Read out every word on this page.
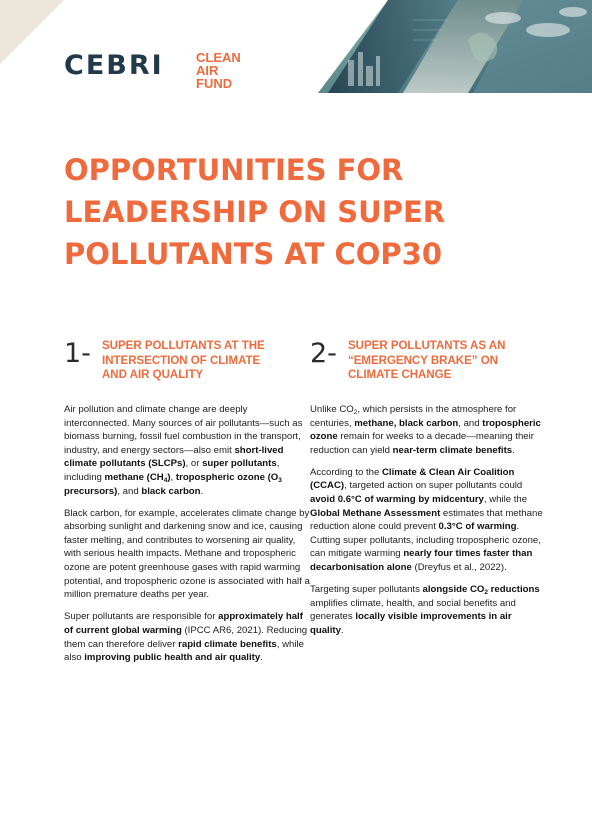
CEBRI CLEAN
AIR
FUND
OPPORTUNITIES FOR
LEADERSHIP ON SUPER
POLLUTANTS AT COP30
1- SUPER POLLUTANTS AT THE
INTERSECTION OF CLIMATE
AND AIR QUALITY

Air pollution and climate change are deeply interconnected. Many sources of air pollutants—such as biomass burning, fossil fuel combustion in the transport, industry, and energy sectors—also emit short-lived climate pollutants (SLCPs), or super pollutants, including methane $(CH_4)$, tropospheric ozone ($O_3$ precursors), and black carbon.

Black carbon, for example, accelerates climate change by absorbing sunlight and darkening snow and ice, causing faster melting, and contributes to worsening air quality, with serious health impacts. Methane and tropospheric ozone are potent greenhouse gases with rapid warming potential, and tropospheric ozone is associated with half a million premature deaths per year.

Super pollutants are responsible for approximately half of current global warming (IPCC AR6, 2021). Reducing them can therefore deliver rapid climate benefits, while also improving public health and air quality.

2- SUPER POLLUTANTS AS AN
“EMERGENCY BRAKE” ON
CLIMATE CHANGE

Unlike $CO_2$, which persists in the atmosphere for centuries, methane, black carbon, and tropospheric ozone remain for weeks to a decade—meaning their reduction can yield near-term climate benefits.

According to the Climate & Clean Air Coalition (CCAC), targeted action on super pollutants could avoid 0.6°C of warming by midcentury, while the Global Methane Assessment estimates that methane reduction alone could prevent 0.3°C of warming. Cutting super pollutants, including tropospheric ozone, can mitigate warming nearly four times faster than decarbonisation alone (Dreyfus et al., 2022).

Targeting super pollutants alongside $CO_2$ reductions amplifies climate, health, and social benefits and generates locally visible improvements in air quality.
